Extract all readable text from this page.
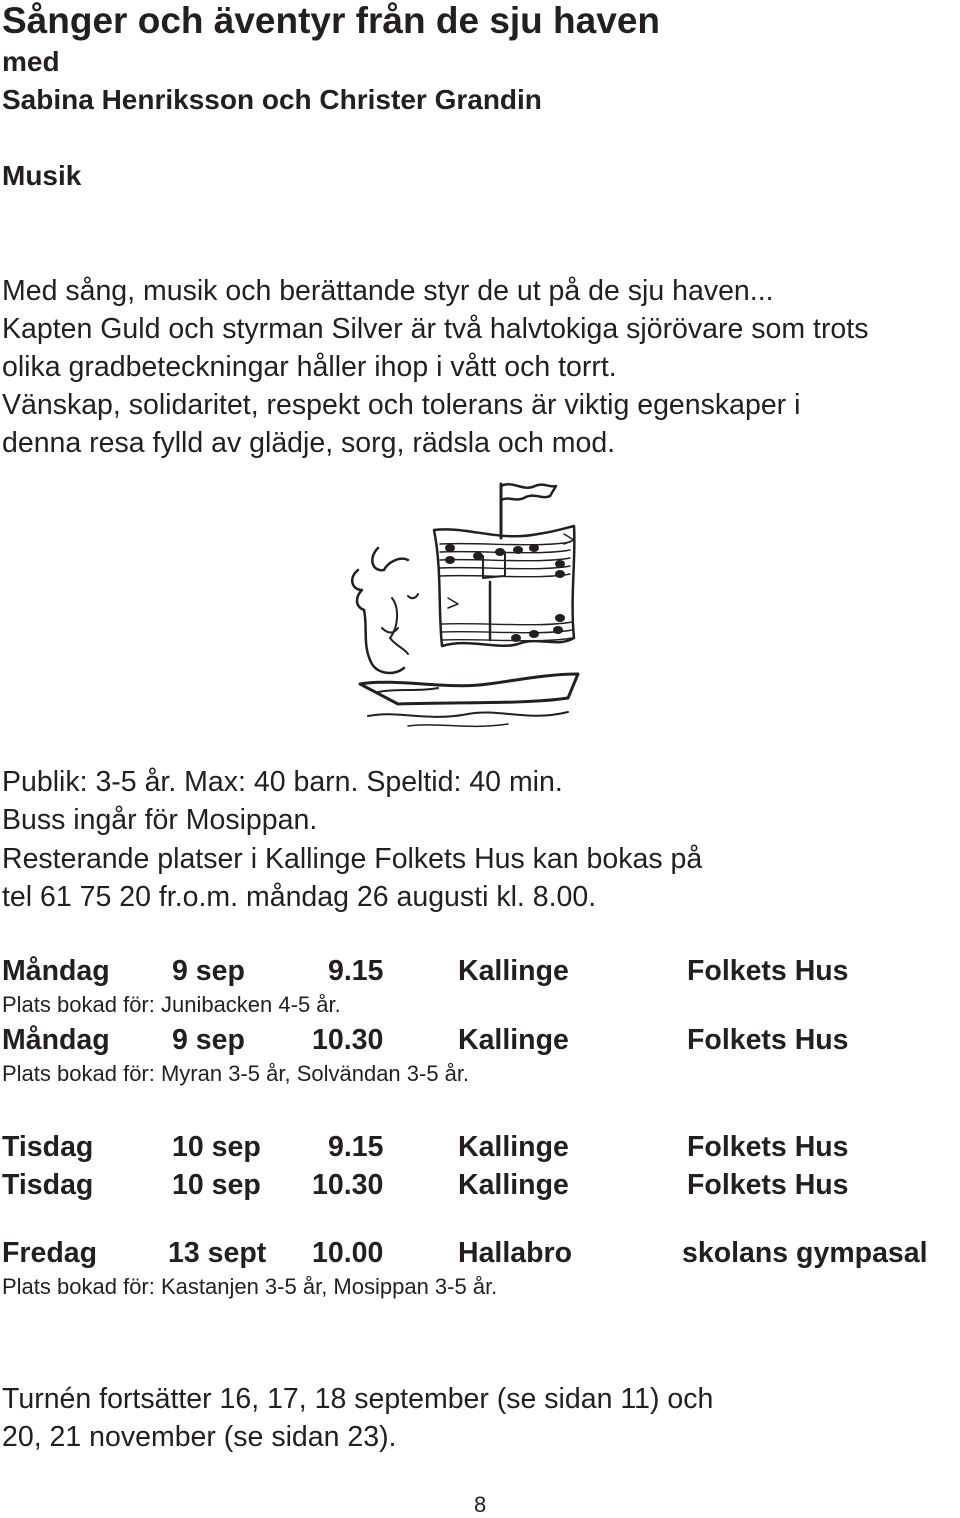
Sånger och äventyr från de sju haven
med
Sabina Henriksson och Christer Grandin
Musik
Med sång, musik och berättande styr de ut på de sju haven...
Kapten Guld och styrman Silver är två halvtokiga sjörövare som trots
olika gradbeteckningar håller ihop i vått och torrt.
Vänskap, solidaritet, respekt och tolerans är viktig egenskaper i
denna resa fylld av glädje, sorg, rädsla och mod.
Publik: 3-5 år. Max: 40 barn. Speltid: 40 min.
Buss ingår för Mosippan.
Resterande platser i Kallinge Folkets Hus kan bokas på
tel 61 75 20 fr.o.m. måndag 26 augusti kl. 8.00.
Måndag 9 sep	9.15	Kallinge	Folkets Hus
Plats bokad för: Junibacken 4-5 år.
Måndag 9 sep 10.30	Kallinge	Folkets Hus
Plats bokad för: Myran 3-5 år, Solvändan 3-5 år.
Tisdag	10 sep 9.15	Kallinge	Folkets Hus
Tisdag	10 sep 10.30	Kallinge	Folkets Hus
Fredag 13 sept 10.00	Hallabro	skolans gympasal
Plats bokad för: Kastanjen 3-5 år, Mosippan 3-5 år.
Turnén fortsätter 16, 17, 18 september (se sidan 11) och
20, 21 november (se sidan 23).
8
